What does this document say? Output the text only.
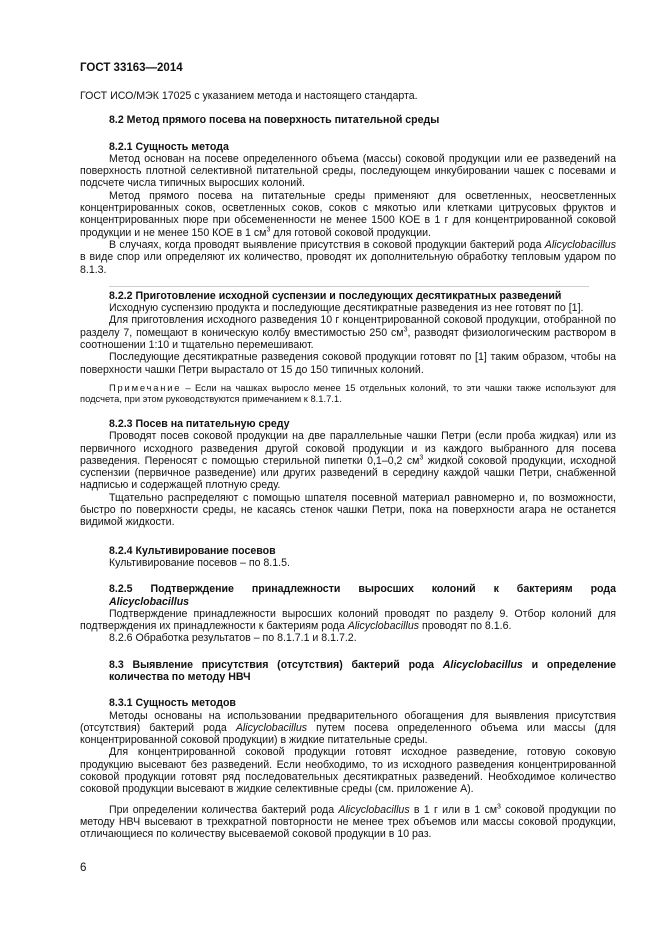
ГОСТ 33163—2014

ГОСТ ИСО/МЭК 17025 с указанием метода и настоящего стандарта.

8.2 Метод прямого посева на поверхность питательной среды

8.2.1 Сущность метода

Метод основан на посеве определенного объема (массы) соковой продукции или ее разведений на поверхность плотной селективной питательной среды, последующем инкубировании чашек с посевами и подсчете числа типичных выросших колоний.

Метод прямого посева на питательные среды применяют для осветленных, неосветленных концентрированных соков, осветленных соков, соков с мякотью или клетками цитрусовых фруктов и концентрированных пюре при обсемененности не менее 1500 КОЕ в 1 г для концентрированной соковой продукции и не менее 150 КОЕ в 1 $см^3$ для готовой соковой продукции.

В случаях, когда проводят выявление присутствия в соковой продукции бактерий рода Alicyclobacillus в виде спор или определяют их количество, проводят их дополнительную обработку тепловым ударом по 8.1.3.

8.2.2 Приготовление исходной суспензии и последующих десятикратных разведений

Исходную суспензию продукта и последующие десятикратные разведения из нее готовят по [1].

Для приготовления исходного разведения 10 г концентрированной соковой продукции, отобранной по разделу 7, помещают в коническую колбу вместимостью 250 $см^3$, разводят физиологическим раствором в соотношении 1:10 и тщательно перемешивают.

Последующие десятикратные разведения соковой продукции готовят по [1] таким образом, чтобы на поверхности чашки Петри вырастало от 15 до 150 типичных колоний.

Примечание – Если на чашках выросло менее 15 отдельных колоний, то эти чашки также используют для подсчета, при этом руководствуются примечанием к 8.1.7.1.

8.2.3 Посев на питательную среду

Проводят посев соковой продукции на две параллельные чашки Петри (если проба жидкая) или из первичного исходного разведения другой соковой продукции и из каждого выбранного для посева разведения. Переносят с помощью стерильной пипетки 0,1–0,2 $см^3$ жидкой соковой продукции, исходной суспензии (первичное разведение) или других разведений в середину каждой чашки Петри, снабженной надписью и содержащей плотную среду.

Тщательно распределяют с помощью шпателя посевной материал равномерно и, по возможности, быстро по поверхности среды, не касаясь стенок чашки Петри, пока на поверхности агара не останется видимой жидкости.

8.2.4 Культивирование посевов

Культивирование посевов – по 8.1.5.

8.2.5 Подтверждение принадлежности выросших колоний к бактериям рода

Alicyclobacillus

Подтверждение принадлежности выросших колоний проводят по разделу 9. Отбор колоний для подтверждения их принадлежности к бактериям рода Alicyclobacillus проводят по 8.1.6.

8.2.6 Обработка результатов – по 8.1.7.1 и 8.1.7.2.

8.3 Выявление присутствия (отсутствия) бактерий рода Alicyclobacillus и определение количества по методу НВЧ

8.3.1 Сущность методов

Методы основаны на использовании предварительного обогащения для выявления присутствия (отсутствия) бактерий рода Alicyclobacillus путем посева определенного объема или массы (для концентрированной соковой продукции) в жидкие питательные среды.

Для концентрированной соковой продукции готовят исходное разведение, готовую соковую продукцию высевают без разведений. Если необходимо, то из исходного разведения концентрированной соковой продукции готовят ряд последовательных десятикратных разведений. Необходимое количество соковой продукции высевают в жидкие селективные среды (см. приложение А).

При определении количества бактерий рода Alicyclobacillus в 1 г или в 1 $см^3$ соковой продукции по методу НВЧ высевают в трехкратной повторности не менее трех объемов или массы соковой продукции, отличающиеся по количеству высеваемой соковой продукции в 10 раз.

6
